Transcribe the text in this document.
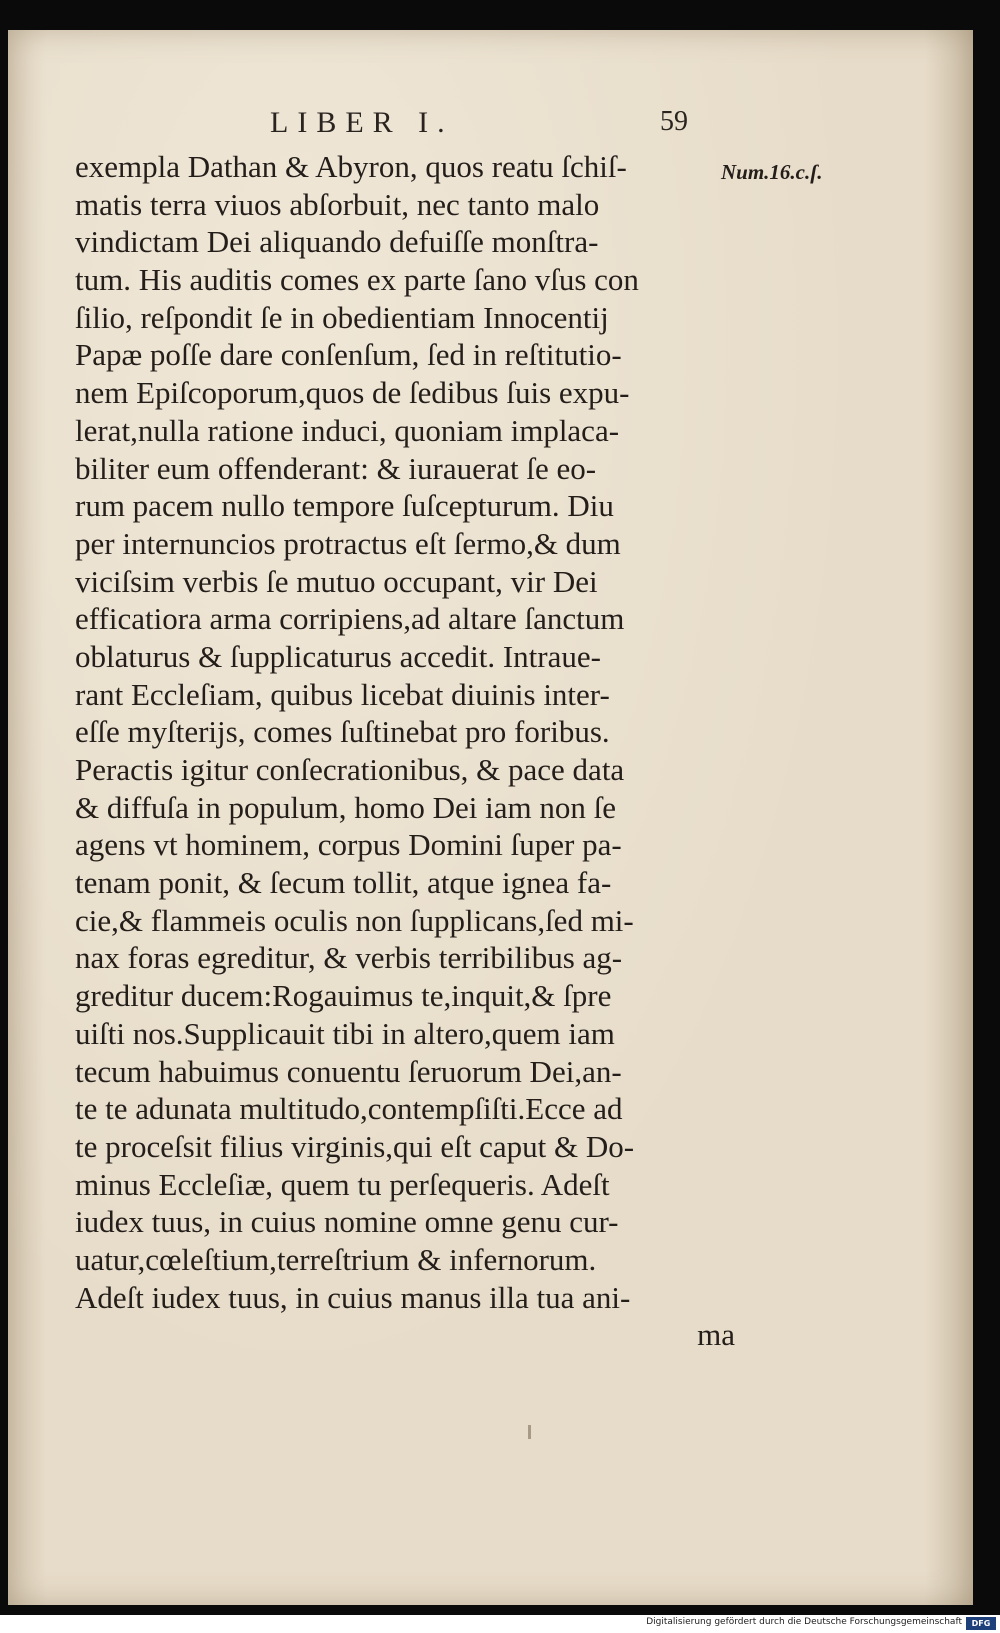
LIBER I.	59
Num.16.c.ſ.
exempla Dathan & Abyron, quos reatu ſchiſ-
matis terra viuos abſorbuit, nec tanto malo
vindictam Dei aliquando defuiſſe monſtra-
tum. His auditis comes ex parte ſano vſus con
ſilio, reſpondit ſe in obedientiam Innocentij
Papæ poſſe dare conſenſum, ſed in reſtitutio-
nem Epiſcoporum,quos de ſedibus ſuis expu-
lerat,nulla ratione induci, quoniam implaca-
biliter eum offenderant: & iurauerat ſe eo-
rum pacem nullo tempore ſuſcepturum. Diu
per internuncios protractus eſt ſermo,& dum
viciſsim verbis ſe mutuo occupant, vir Dei
efficatiora arma corripiens,ad altare ſanctum
oblaturus & ſupplicaturus accedit. Intraue-
rant Eccleſiam, quibus licebat diuinis inter-
eſſe myſterijs, comes ſuſtinebat pro foribus.
Peractis igitur conſecrationibus, & pace data
& diffuſa in populum, homo Dei iam non ſe
agens vt hominem, corpus Domini ſuper pa-
tenam ponit, & ſecum tollit, atque ignea fa-
cie,& flammeis oculis non ſupplicans,ſed mi-
nax foras egreditur, & verbis terribilibus ag-
greditur ducem:Rogauimus te,inquit,& ſpre
uiſti nos.Supplicauit tibi in altero,quem iam
tecum habuimus conuentu ſeruorum Dei,an-
te te adunata multitudo,contempſiſti.Ecce ad
te proceſsit filius virginis,qui eſt caput & Do-
minus Eccleſiæ, quem tu perſequeris. Adeſt
iudex tuus, in cuius nomine omne genu cur-
uatur,cœleſtium,terreſtrium & infernorum.
Adeſt iudex tuus, in cuius manus illa tua ani-
ma
Digitalisierung gefördert durch die Deutsche Forschungsgemeinschaft	DFG
